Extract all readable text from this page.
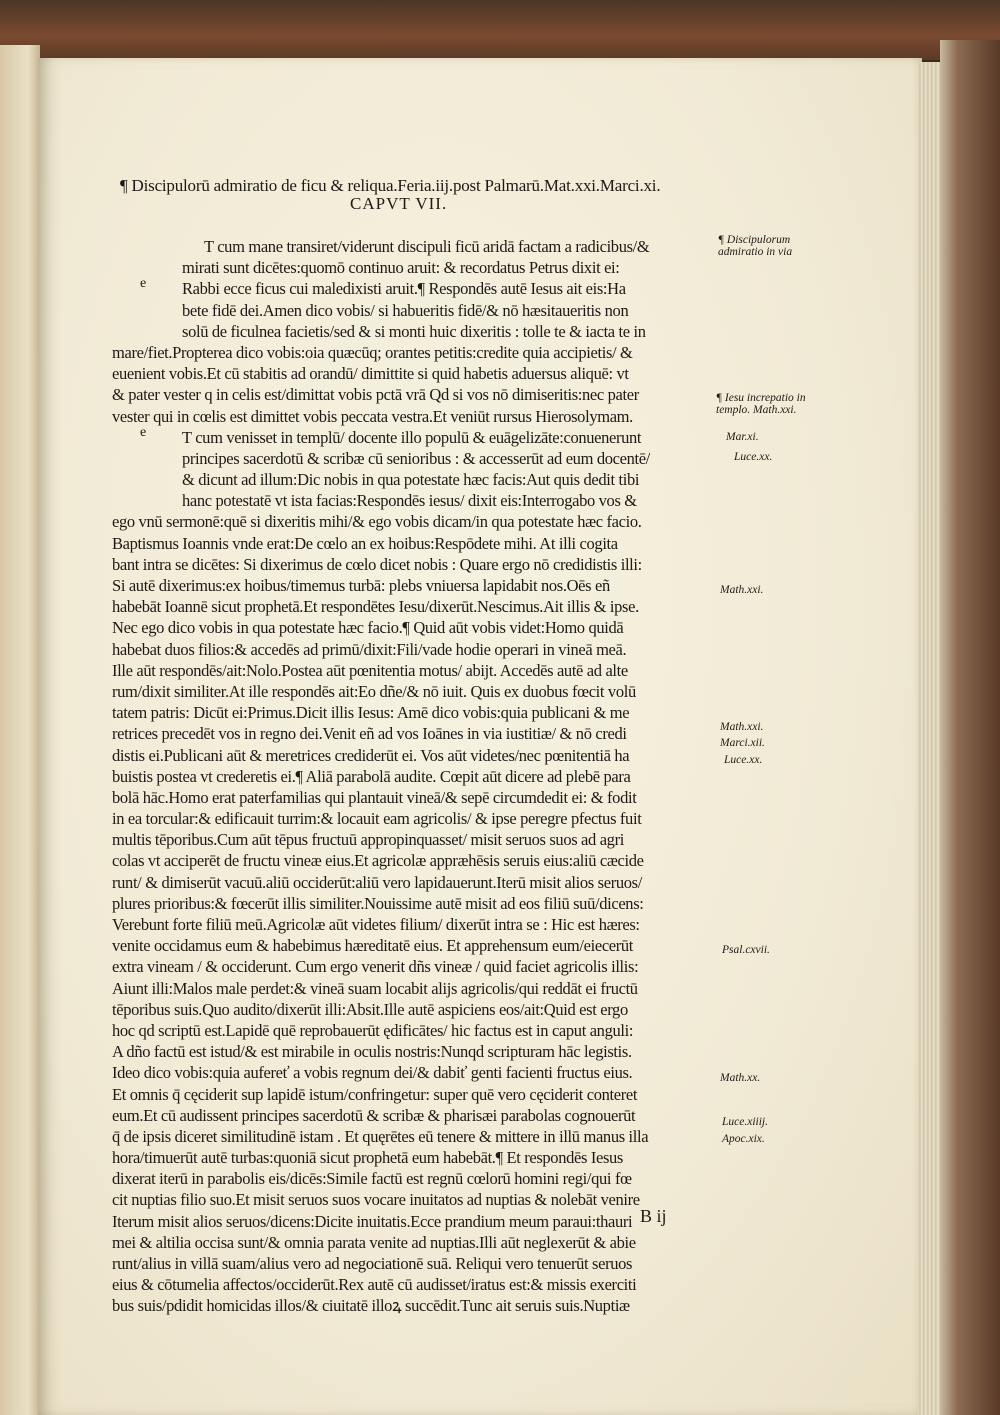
¶ Discipulorū admiratio de ficu & reliqua.Feria.iij.post Palmarū.Mat.xxi.Marci.xi.
CAPVT VII.
e
e
T cum mane transiret/viderunt discipuli ficū aridā factam a radicibus/&
mirati sunt dicētes:quomō continuo aruit: & recordatus Petrus dixit ei:
Rabbi ecce ficus cui maledixisti aruit.¶ Respondēs autē Iesus ait eis:Ha
bete fidē dei.Amen dico vobis/ si habueritis fidē/& nō hæsitaueritis non
solū de ficulnea facietis/sed & si monti huic dixeritis : tolle te & iacta te in
mare/fiet.Propterea dico vobis:oia quæcūq; orantes petitis:credite quia accipietis/ &
euenient vobis.Et cū stabitis ad orandū/ dimittite si quid habetis aduersus aliquē: vt
& pater vester q in celis est/dimittat vobis pctā vrā Qd si vos nō dimiseritis:nec pater
vester qui in cœlis est dimittet vobis peccata vestra.Et veniūt rursus Hierosolymam.
T cum venisset in templū/ docente illo populū & euāgelizāte:conuenerunt
principes sacerdotū & scribæ cū senioribus : & accesserūt ad eum docentē/
& dicunt ad illum:Dic nobis in qua potestate hæc facis:Aut quis dedit tibi
hanc potestatē vt ista facias:Respondēs iesus/ dixit eis:Interrogabo vos &
ego vnū sermonē:quē si dixeritis mihi/& ego vobis dicam/in qua potestate hæc facio.
Baptismus Ioannis vnde erat:De cœlo an ex hoibus:Respōdete mihi. At illi cogita
bant intra se dicētes: Si dixerimus de cœlo dicet nobis : Quare ergo nō credidistis illi:
Si autē dixerimus:ex hoibus/timemus turbā: plebs vniuersa lapidabit nos.Oēs eñ
habebāt Ioannē sicut prophetā.Et respondētes Iesu/dixerūt.Nescimus.Ait illis & ipse.
Nec ego dico vobis in qua potestate hæc facio.¶ Quid aūt vobis videt:Homo quidā
habebat duos filios:& accedēs ad primū/dixit:Fili/vade hodie operari in vineā meā.
Ille aūt respondēs/ait:Nolo.Postea aūt pœnitentia motus/ abijt. Accedēs autē ad alte
rum/dixit similiter.At ille respondēs ait:Eo dñe/& nō iuit. Quis ex duobus fœcit volū
tatem patris: Dicūt ei:Primus.Dicit illis Iesus: Amē dico vobis:quia publicani & me
retrices precedēt vos in regno dei.Venit eñ ad vos Ioānes in via iustitiæ/ & nō credi
distis ei.Publicani aūt & meretrices crediderūt ei. Vos aūt videtes/nec pœnitentiā ha
buistis postea vt crederetis ei.¶ Aliā parabolā audite. Cœpit aūt dicere ad plebē para
bolā hāc.Homo erat paterfamilias qui plantauit vineā/& sepē circumdedit ei: & fodit
in ea torcular:& edificauit turrim:& locauit eam agricolis/ & ipse peregre pfectus fuit
multis tēporibus.Cum aūt tēpus fructuū appropinquasset/ misit seruos suos ad agri
colas vt acciperēt de fructu vineæ eius.Et agricolæ appræhēsis seruis eius:aliū cæcide
runt/ & dimiserūt vacuū.aliū occiderūt:aliū vero lapidauerunt.Iterū misit alios seruos/
plures prioribus:& fœcerūt illis similiter.Nouissime autē misit ad eos filiū suū/dicens:
Verebunt forte filiū meū.Agricolæ aūt videtes filium/ dixerūt intra se : Hic est hæres:
venite occidamus eum & habebimus hæreditatē eius. Et apprehensum eum/eiecerūt
extra vineam / & occiderunt. Cum ergo venerit dñs vineæ / quid faciet agricolis illis:
Aiunt illi:Malos male perdet:& vineā suam locabit alijs agricolis/qui reddāt ei fructū
tēporibus suis.Quo audito/dixerūt illi:Absit.Ille autē aspiciens eos/ait:Quid est ergo
hoc qd scriptū est.Lapidē quē reprobauerūt ędificātes/ hic factus est in caput anguli:
A dño factū est istud/& est mirabile in oculis nostris:Nunqd scripturam hāc legistis.
Ideo dico vobis:quia aufereť a vobis regnum dei/& dabiť genti facienti fructus eius.
Et omnis q̄ cęciderit sup lapidē istum/confringetur: super quē vero cęciderit conteret
eum.Et cū audissent principes sacerdotū & scribæ & pharisæi parabolas cognouerūt
q̄ de ipsis diceret similitudinē istam . Et quęrētes eū tenere & mittere in illū manus illa
hora/timuerūt autē turbas:quoniā sicut prophetā eum habebāt.¶ Et respondēs Iesus
dixerat iterū in parabolis eis/dicēs:Simile factū est regnū cœlorū homini regi/qui fœ
cit nuptias filio suo.Et misit seruos suos vocare inuitatos ad nuptias & nolebāt venire
Iterum misit alios seruos/dicens:Dicite inuitatis.Ecce prandium meum paraui:thauri
mei & altilia occisa sunt/& omnia parata venite ad nuptias.Illi aūt neglexerūt & abie
runt/alius in villā suam/alius vero ad negociationē suā. Reliqui vero tenuerūt seruos
eius & cōtumelia affectos/occiderūt.Rex autē cū audisset/iratus est:& missis exerciti
bus suis/pdidit homicidas illos/& ciuitatē illoꝝ succēdit.Tunc ait seruis suis.Nuptiæ
¶ Discipulorum admiratio in via
¶ Iesu increpatio in templo. Math.xxi.
Mar.xi.
Luce.xx.
Math.xxi.
Math.xxi.
Marci.xii.
Luce.xx.
Psal.cxvii.
Math.xx.
Luce.xiiij.
Apoc.xix.
B ij
